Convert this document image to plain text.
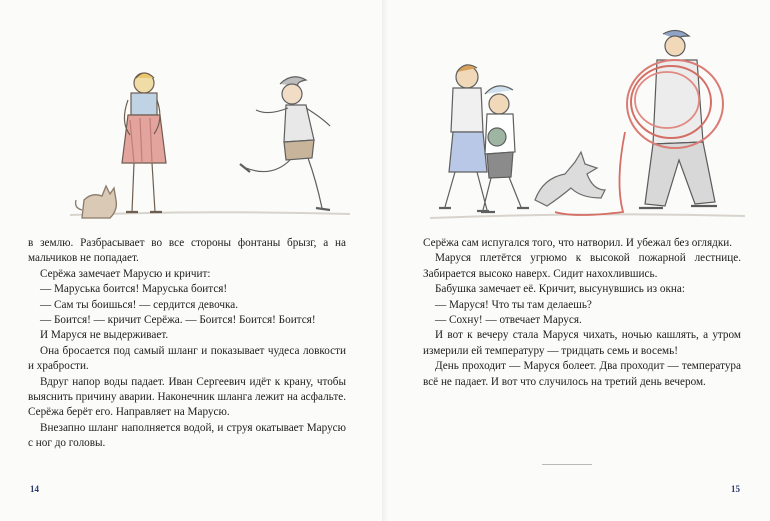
в землю. Разбрасывает во все стороны фонтаны брызг, а на мальчиков не попадает.

Серёжа замечает Марусю и кричит:

— Маруська боится! Маруська боится!

— Сам ты боишься! — сердится девочка.

— Боится! — кричит Серёжа. — Боится! Боится! Боится!

И Маруся не выдерживает.

Она бросается под самый шланг и показывает чудеса ловкости и храбрости.

Вдруг напор воды падает. Иван Сергеевич идёт к крану, чтобы выяснить причину аварии. Наконечник шланга лежит на асфальте. Серёжа берёт его. Направляет на Марусю.

Внезапно шланг наполняется водой, и струя окатывает Марусю с ног до головы.

14

Серёжа сам испугался того, что натворил. И убежал без оглядки.

Маруся плетётся угрюмо к высокой пожарной лестнице. Забирается высоко наверх. Сидит нахохлившись.

Бабушка замечает её. Кричит, высунувшись из окна:

— Маруся! Что ты там делаешь?

— Сохну! — отвечает Маруся.

И вот к вечеру стала Маруся чихать, ночью кашлять, а утром измерили ей температуру — тридцать семь и восемь!

День проходит — Маруся болеет. Два проходит — температура всё не падает. И вот что случилось на третий день вечером.

15
